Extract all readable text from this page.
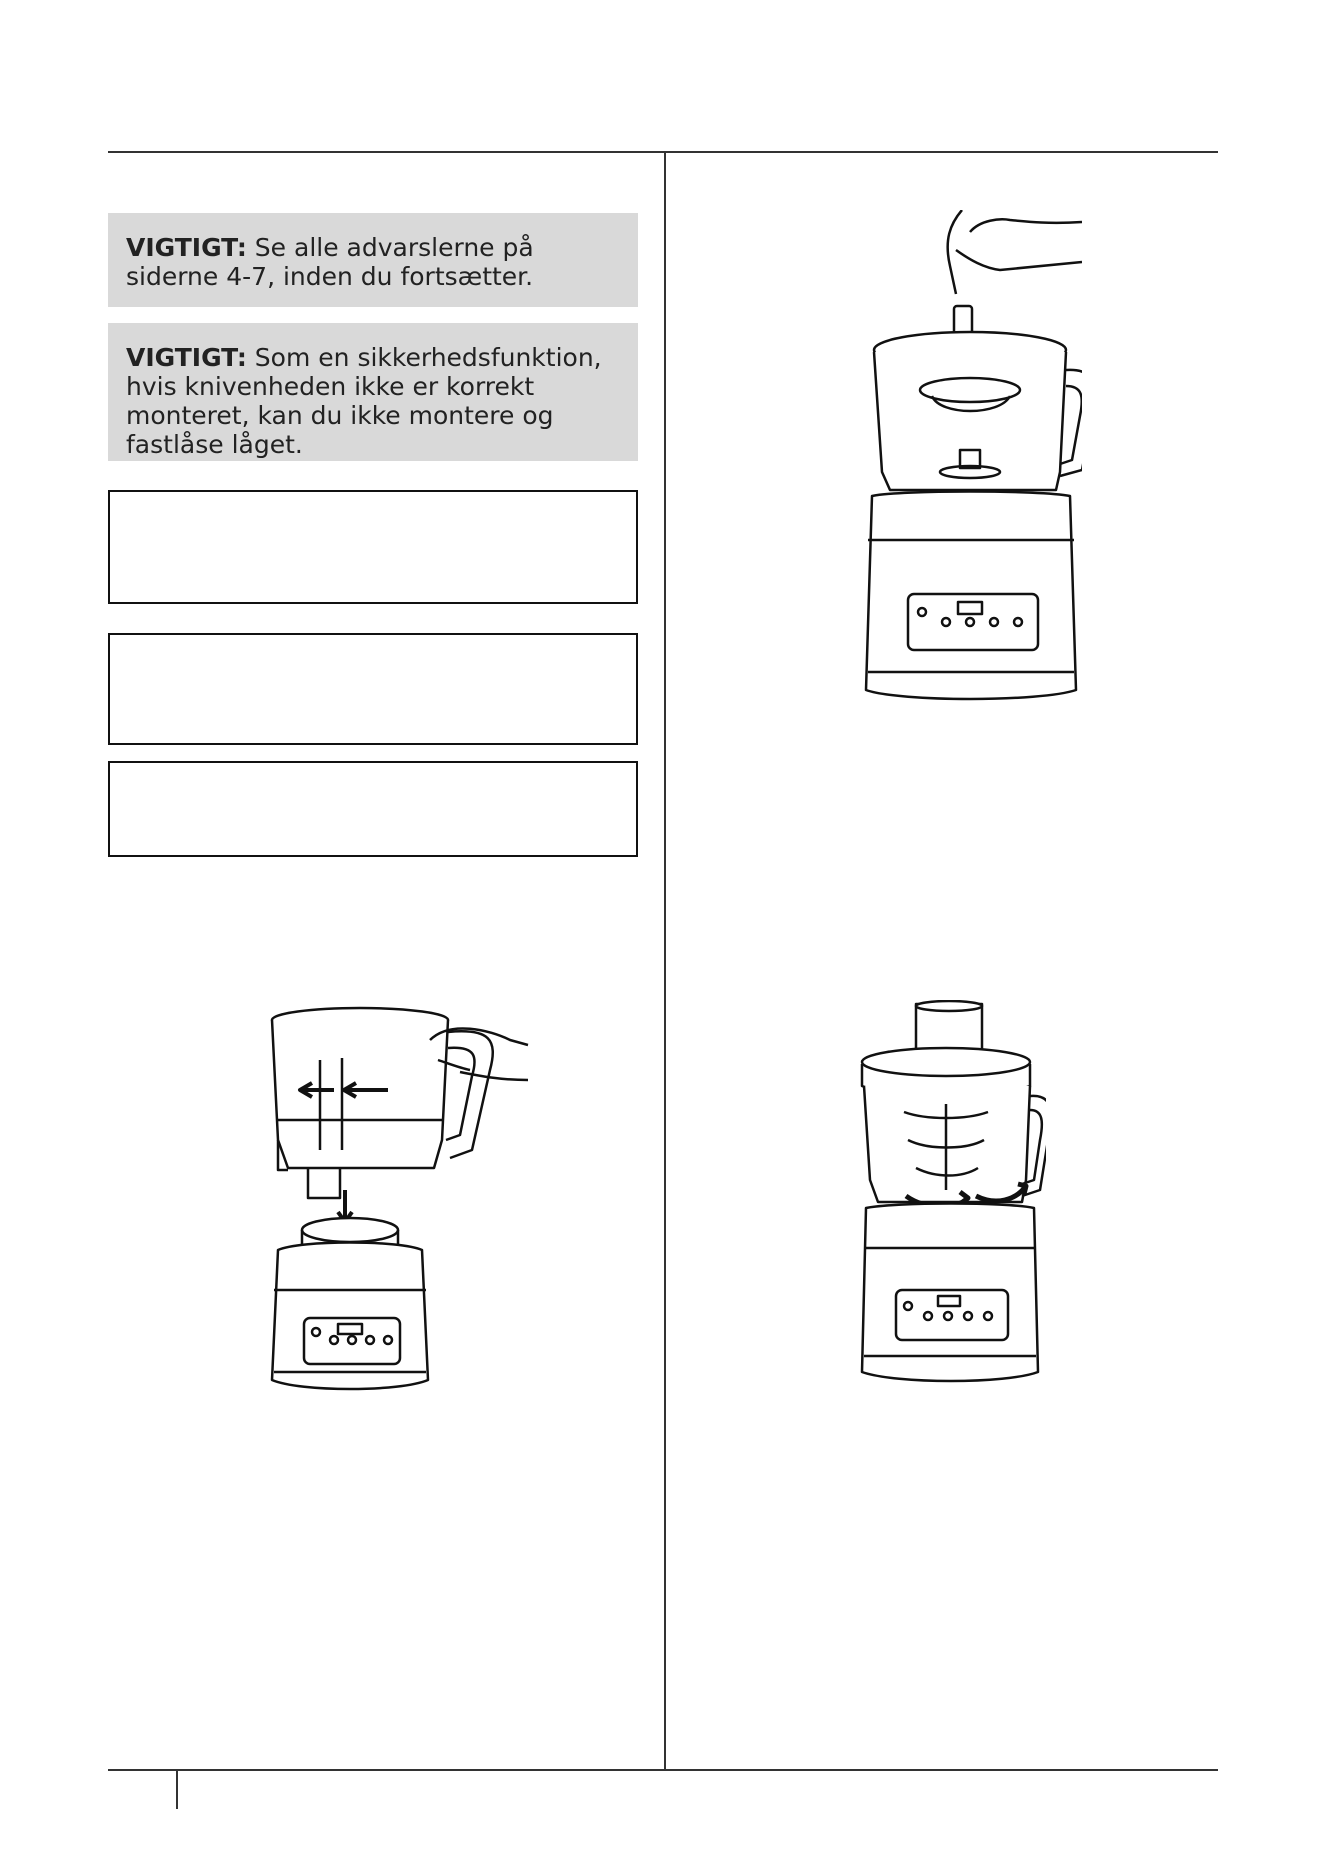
VIGTIGT: Se alle advarslerne på siderne 4-7, inden du fortsætter.
VIGTIGT: Som en sikkerhedsfunktion, hvis knivenheden ikke er korrekt monteret, kan du ikke montere og fastlåse låget.
